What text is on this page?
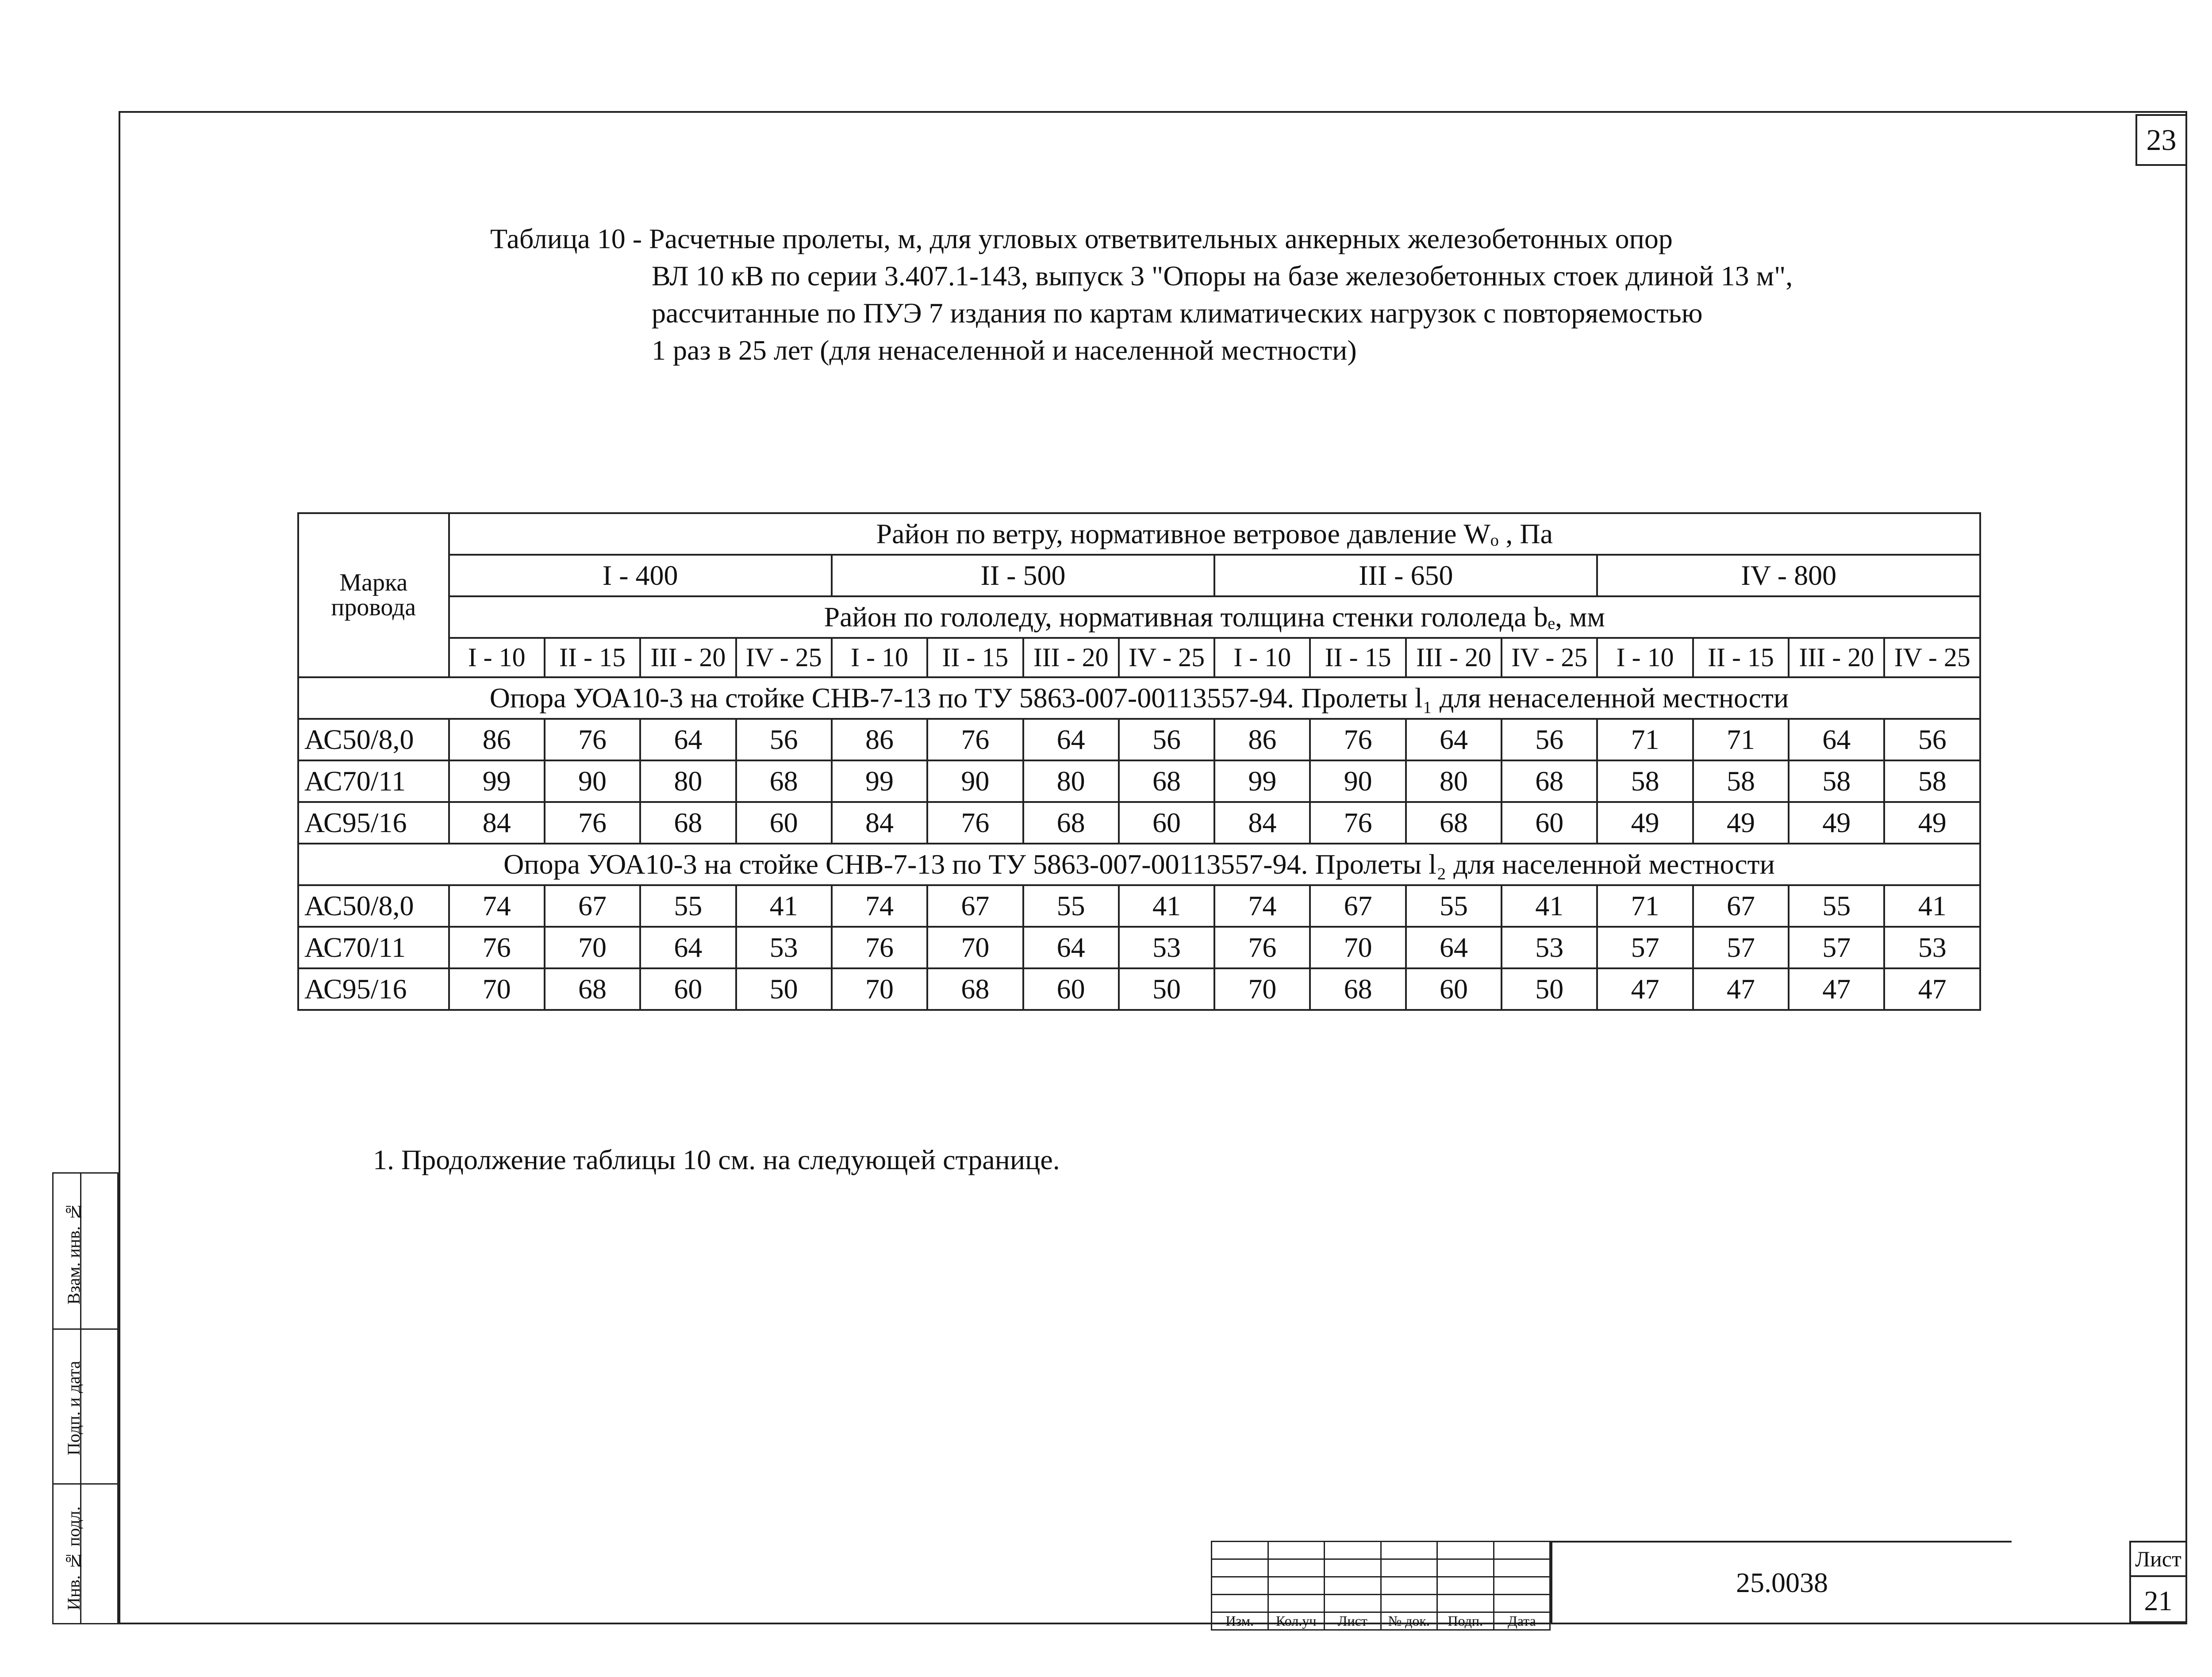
23
Таблица 10 - Расчетные пролеты, м, для угловых ответвительных анкерных железобетонных опор
ВЛ 10 кВ по серии 3.407.1-143, выпуск 3 "Опоры на базе железобетонных стоек длиной 13 м",
рассчитанные по ПУЭ 7 издания по картам климатических нагрузок с повторяемостью
1 раз в 25 лет (для ненаселенной и населенной местности)
Марка провода	Район по ветру, нормативное ветровое давление Wₒ , Па															
	I - 400				II - 500				III - 650				IV - 800			
	Район по гололеду, нормативная толщина стенки гололеда bₑ, мм															
	I - 10	II - 15	III - 20	IV - 25	I - 10	II - 15	III - 20	IV - 25	I - 10	II - 15	III - 20	IV - 25	I - 10	II - 15	III - 20	IV - 25
Опора УОА10-3 на стойке СНВ-7-13 по ТУ 5863-007-00113557-94. Пролеты l₁ для ненаселенной местности																
АС50/8,0	86	76	64	56	86	76	64	56	86	76	64	56	71	71	64	56
АС70/11	99	90	80	68	99	90	80	68	99	90	80	68	58	58	58	58
АС95/16	84	76	68	60	84	76	68	60	84	76	68	60	49	49	49	49
Опора УОА10-3 на стойке СНВ-7-13 по ТУ 5863-007-00113557-94. Пролеты l₂ для населенной местности																
АС50/8,0	74	67	55	41	74	67	55	41	74	67	55	41	71	67	55	41
АС70/11	76	70	64	53	76	70	64	53	76	70	64	53	57	57	57	53
АС95/16	70	68	60	50	70	68	60	50	70	68	60	50	47	47	47	47
1. Продолжение таблицы 10 см. на следующей странице.
Инв. № подл.
Подп. и дата
Взам. инв. №

Изм.	Кол.уч	Лист	№ док.	Подп.	Дата
25.0038
Лист
21
